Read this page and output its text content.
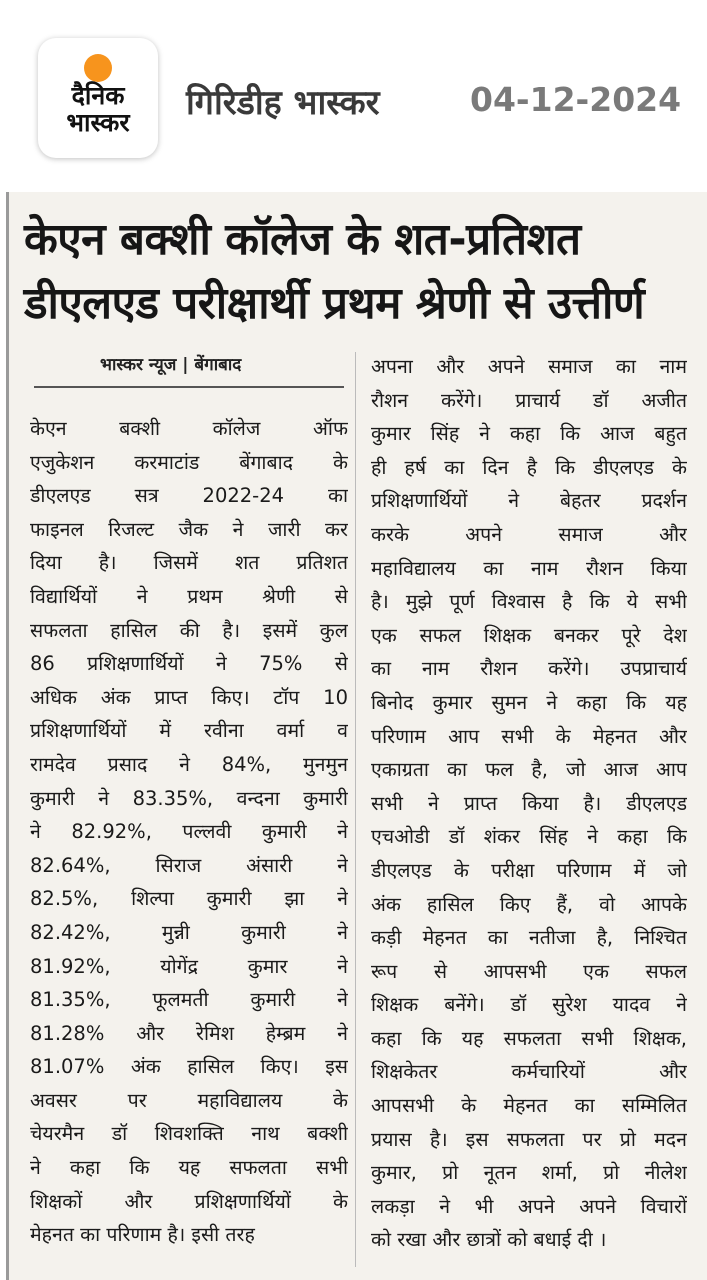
दैनिक
भास्कर	गिरिडीह भास्कर	04-12-2024
केएन बक्शी कॉलेज के शत-प्रतिशत
डीएलएड परीक्षार्थी प्रथम श्रेणी से उत्तीर्ण
भास्कर न्यूज | बेंगाबाद
केएन बक्शी कॉलेज ऑफ
एजुकेशन करमाटांड बेंगाबाद के
डीएलएड सत्र 2022-24 का
फाइनल रिजल्ट जैक ने जारी कर
दिया है। जिसमें शत प्रतिशत
विद्यार्थियों ने प्रथम श्रेणी से
सफलता हासिल की है। इसमें कुल
86 प्रशिक्षणार्थियों ने 75% से
अधिक अंक प्राप्त किए। टॉप 10
प्रशिक्षणार्थियों में रवीना वर्मा व
रामदेव प्रसाद ने 84%, मुनमुन
कुमारी ने 83.35%, वन्दना कुमारी
ने 82.92%, पल्लवी कुमारी ने
82.64%, सिराज अंसारी ने
82.5%, शिल्पा कुमारी झा ने
82.42%, मुन्नी कुमारी ने
81.92%, योगेंद्र कुमार ने
81.35%, फूलमती कुमारी ने
81.28% और रेमिश हेम्ब्रम ने
81.07% अंक हासिल किए। इस
अवसर पर महाविद्यालय के
चेयरमैन डॉ शिवशक्ति नाथ बक्शी
ने कहा कि यह सफलता सभी
शिक्षकों और प्रशिक्षणार्थियों के
मेहनत का परिणाम है। इसी तरह
अपना और अपने समाज का नाम
रौशन करेंगे। प्राचार्य डॉ अजीत
कुमार सिंह ने कहा कि आज बहुत
ही हर्ष का दिन है कि डीएलएड के
प्रशिक्षणार्थियों ने बेहतर प्रदर्शन
करके अपने समाज और
महाविद्यालय का नाम रौशन किया
है। मुझे पूर्ण विश्वास है कि ये सभी
एक सफल शिक्षक बनकर पूरे देश
का नाम रौशन करेंगे। उपप्राचार्य
बिनोद कुमार सुमन ने कहा कि यह
परिणाम आप सभी के मेहनत और
एकाग्रता का फल है, जो आज आप
सभी ने प्राप्त किया है। डीएलएड
एचओडी डॉ शंकर सिंह ने कहा कि
डीएलएड के परीक्षा परिणाम में जो
अंक हासिल किए हैं, वो आपके
कड़ी मेहनत का नतीजा है, निश्चित
रूप से आपसभी एक सफल
शिक्षक बनेंगे। डॉ सुरेश यादव ने
कहा कि यह सफलता सभी शिक्षक,
शिक्षकेतर कर्मचारियों और
आपसभी के मेहनत का सम्मिलित
प्रयास है। इस सफलता पर प्रो मदन
कुमार, प्रो नूतन शर्मा, प्रो नीलेश
लकड़ा ने भी अपने अपने विचारों
को रखा और छात्रों को बधाई दी ।
